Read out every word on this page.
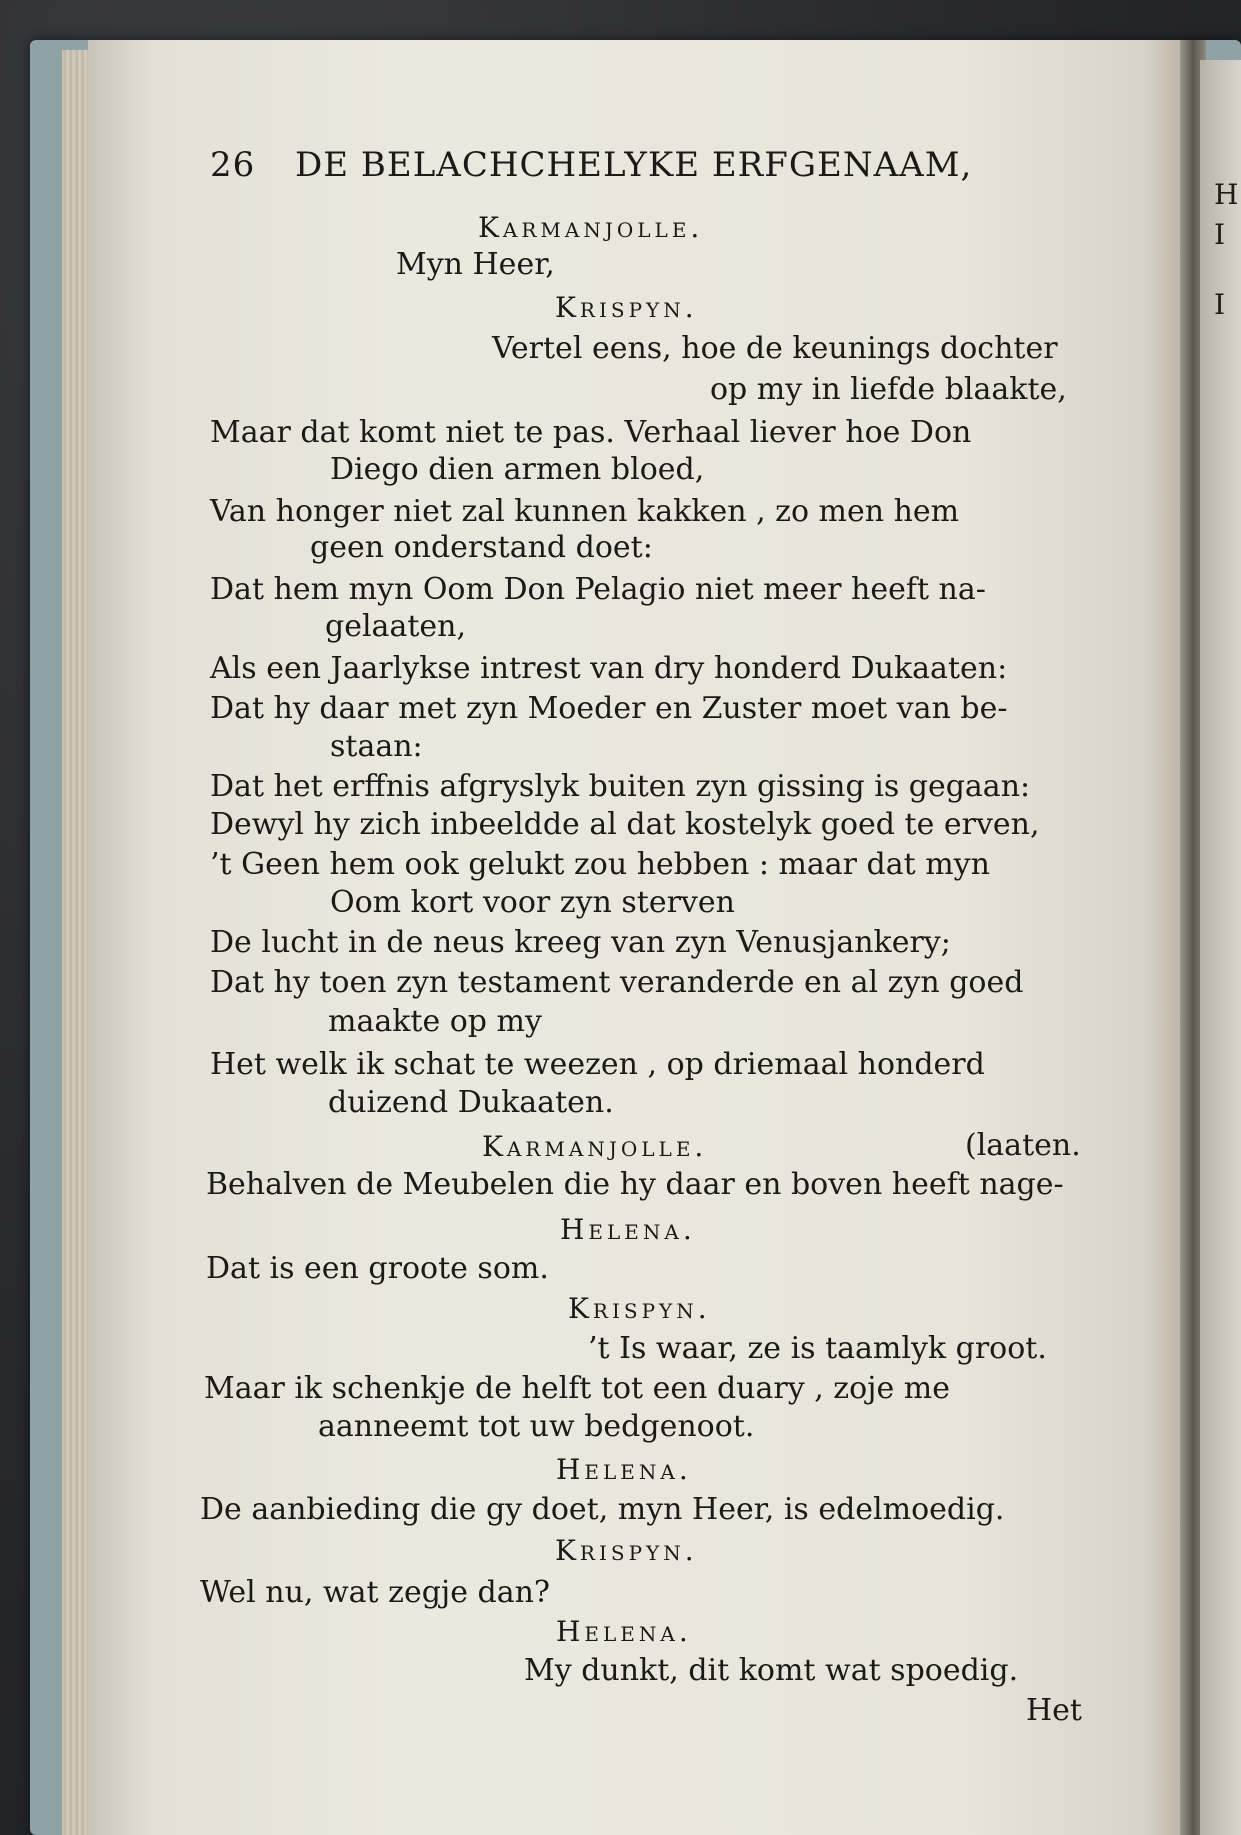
H
I
I
26 DE BELACHCHELYKE ERFGENAAM,
Karmanjolle.
Myn Heer,
Krispyn.
Vertel eens, hoe de keunings dochter
op my in liefde blaakte,
Maar dat komt niet te pas. Verhaal liever hoe Don
Diego dien armen bloed,
Van honger niet zal kunnen kakken , zo men hem
geen onderstand doet:
Dat hem myn Oom Don Pelagio niet meer heeft na-
gelaaten,
Als een Jaarlykse intrest van dry honderd Dukaaten:
Dat hy daar met zyn Moeder en Zuster moet van be-
staan:
Dat het erffnis afgryslyk buiten zyn gissing is gegaan:
Dewyl hy zich inbeeldde al dat kostelyk goed te erven,
’t Geen hem ook gelukt zou hebben : maar dat myn
Oom kort voor zyn sterven
De lucht in de neus kreeg van zyn Venusjankery;
Dat hy toen zyn testament veranderde en al zyn goed
maakte op my
Het welk ik schat te weezen , op driemaal honderd
duizend Dukaaten.
Karmanjolle.	(laaten.
Behalven de Meubelen die hy daar en boven heeft nage-
Helena.
Dat is een groote som.
Krispyn.
’t Is waar, ze is taamlyk groot.
Maar ik schenkje de helft tot een duary , zoje me
aanneemt tot uw bedgenoot.
Helena.
De aanbieding die gy doet, myn Heer, is edelmoedig.
Krispyn.
Wel nu, wat zegje dan?
Helena.
My dunkt, dit komt wat spoedig.
Het
